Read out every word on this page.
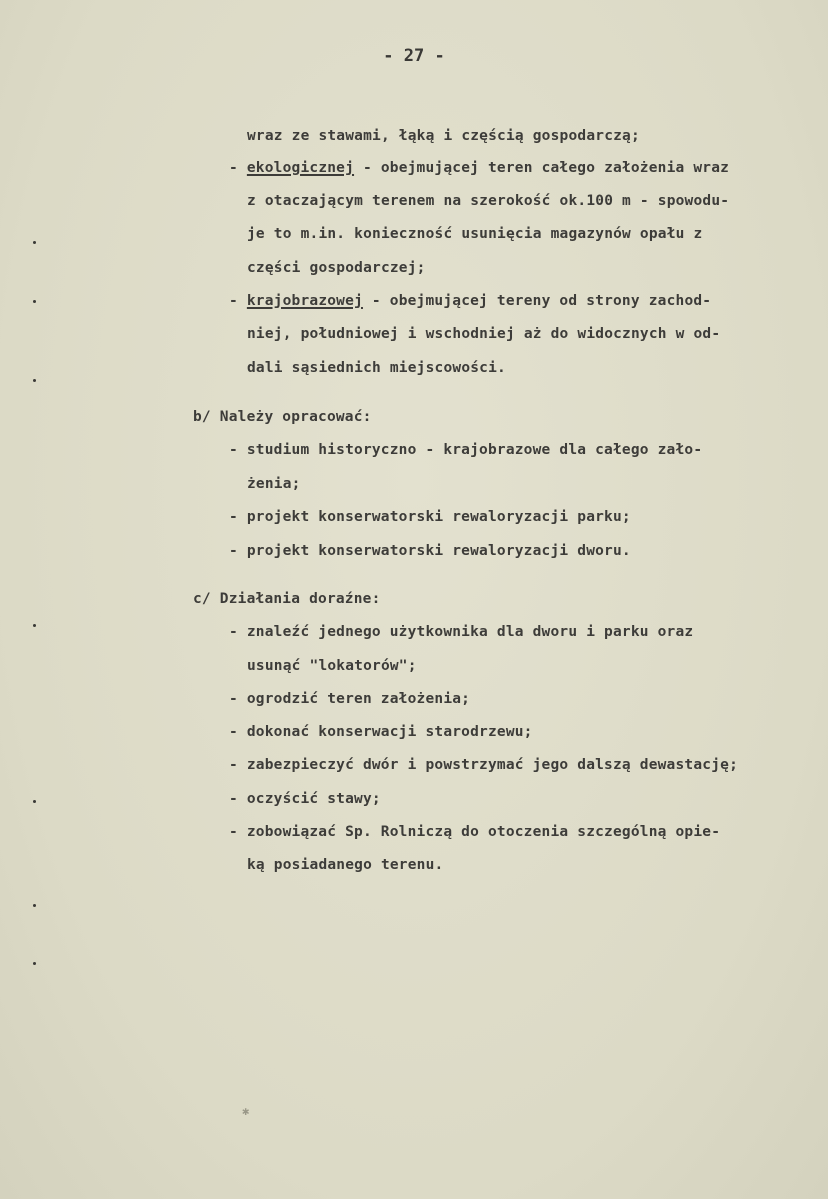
- 27 -
wraz ze stawami, łąką i częścią gospodarczą;
- ekologicznej - obejmującej teren całego założenia wraz
z otaczającym terenem na szerokość ok.100 m - spowodu-
je to m.in. konieczność usunięcia magazynów opału z
części gospodarczej;
- krajobrazowej - obejmującej tereny od strony zachod-
niej, południowej i wschodniej aż do widocznych w od-
dali sąsiednich miejscowości.
b/ Należy opracować:
- studium historyczno - krajobrazowe dla całego zało-
żenia;
- projekt konserwatorski rewaloryzacji parku;
- projekt konserwatorski rewaloryzacji dworu.
c/ Działania doraźne:
- znaleźć jednego użytkownika dla dworu i parku oraz
usunąć "lokatorów";
- ogrodzić teren założenia;
- dokonać konserwacji starodrzewu;
- zabezpieczyć dwór i powstrzymać jego dalszą dewastację;
- oczyścić stawy;
- zobowiązać Sp. Rolniczą do otoczenia szczególną opie-
ką posiadanego terenu.
✱
